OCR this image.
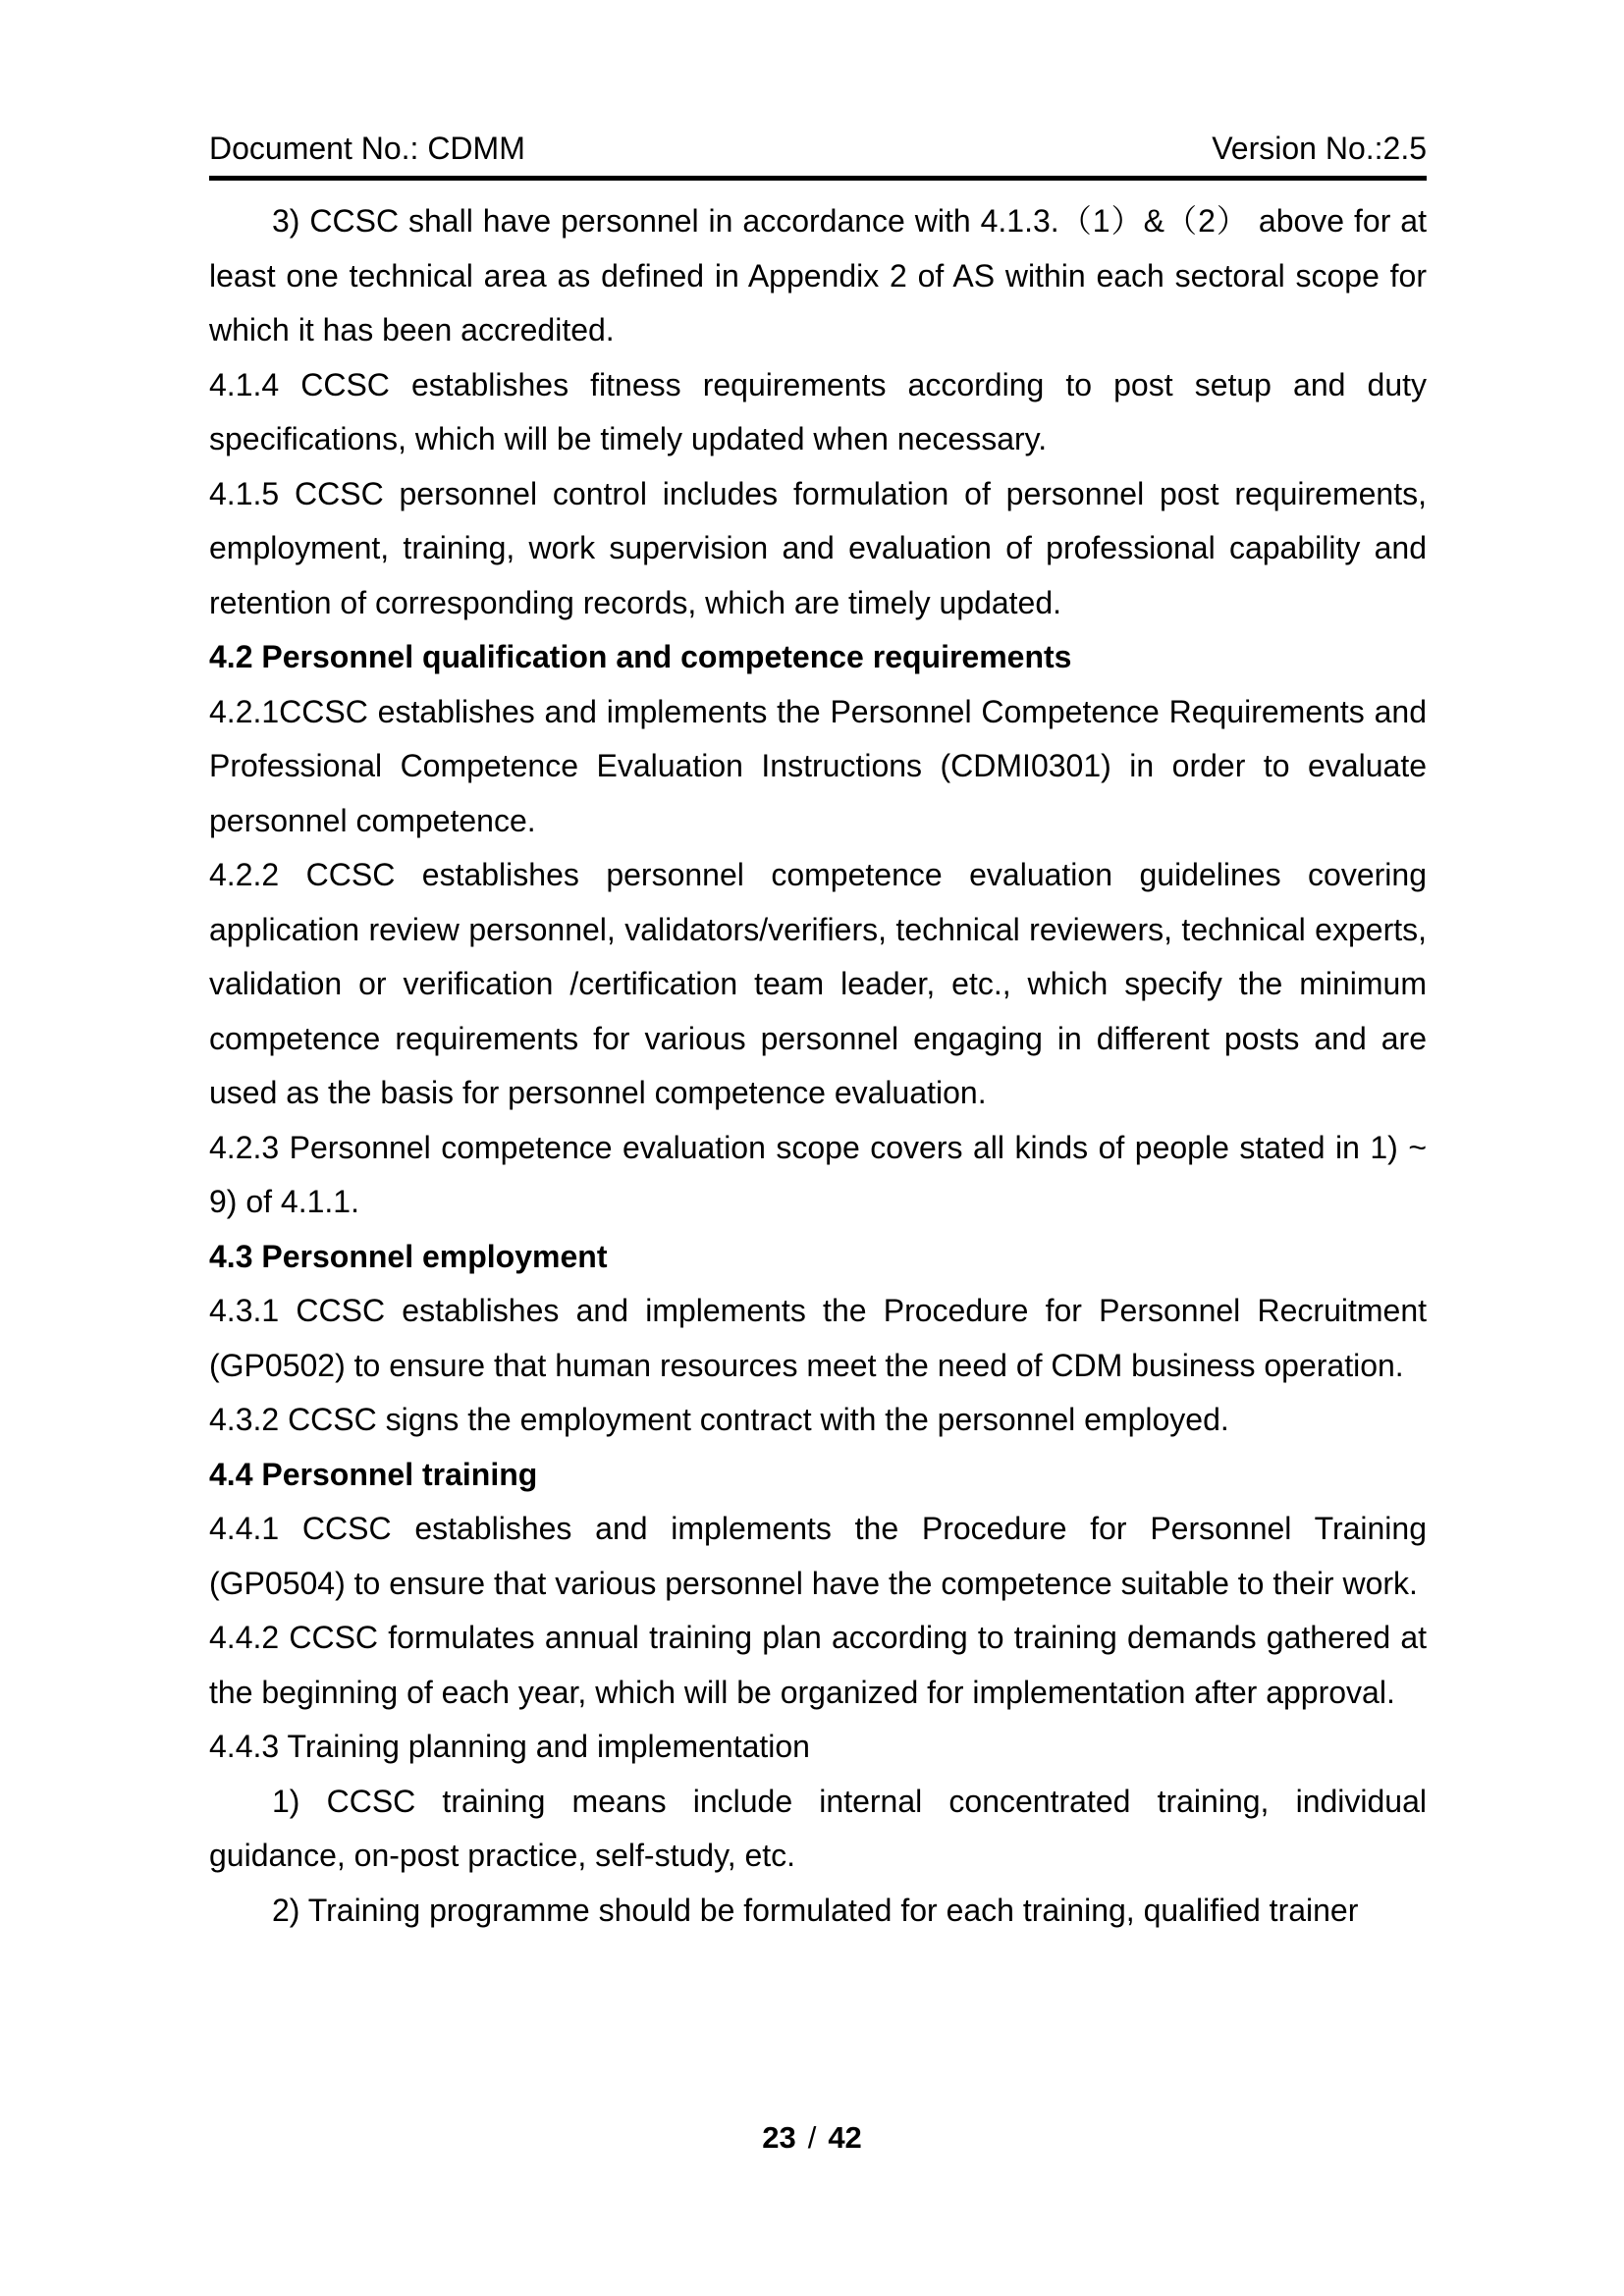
Document No.: CDMM	Version No.:2.5

3) CCSC shall have personnel in accordance with 4.1.3.（1）&（2） above for at least one technical area as defined in Appendix 2 of AS within each sectoral scope for which it has been accredited.

4.1.4 CCSC establishes fitness requirements according to post setup and duty specifications, which will be timely updated when necessary.

4.1.5 CCSC personnel control includes formulation of personnel post requirements, employment, training, work supervision and evaluation of professional capability and retention of corresponding records, which are timely updated.

4.2 Personnel qualification and competence requirements

4.2.1CCSC establishes and implements the Personnel Competence Requirements and Professional Competence Evaluation Instructions (CDMI0301) in order to evaluate personnel competence.

4.2.2 CCSC establishes personnel competence evaluation guidelines covering application review personnel, validators/verifiers, technical reviewers, technical experts, validation or verification /certification team leader, etc., which specify the minimum competence requirements for various personnel engaging in different posts and are used as the basis for personnel competence evaluation.

4.2.3 Personnel competence evaluation scope covers all kinds of people stated in 1) ~ 9) of 4.1.1.

4.3 Personnel employment

4.3.1 CCSC establishes and implements the Procedure for Personnel Recruitment (GP0502) to ensure that human resources meet the need of CDM business operation.

4.3.2 CCSC signs the employment contract with the personnel employed.

4.4 Personnel training

4.4.1 CCSC establishes and implements the Procedure for Personnel Training (GP0504) to ensure that various personnel have the competence suitable to their work.

4.4.2 CCSC formulates annual training plan according to training demands gathered at the beginning of each year, which will be organized for implementation after approval.

4.4.3 Training planning and implementation

1) CCSC training means include internal concentrated training, individual guidance, on-post practice, self-study, etc.

2) Training programme should be formulated for each training, qualified trainer

23 / 42
